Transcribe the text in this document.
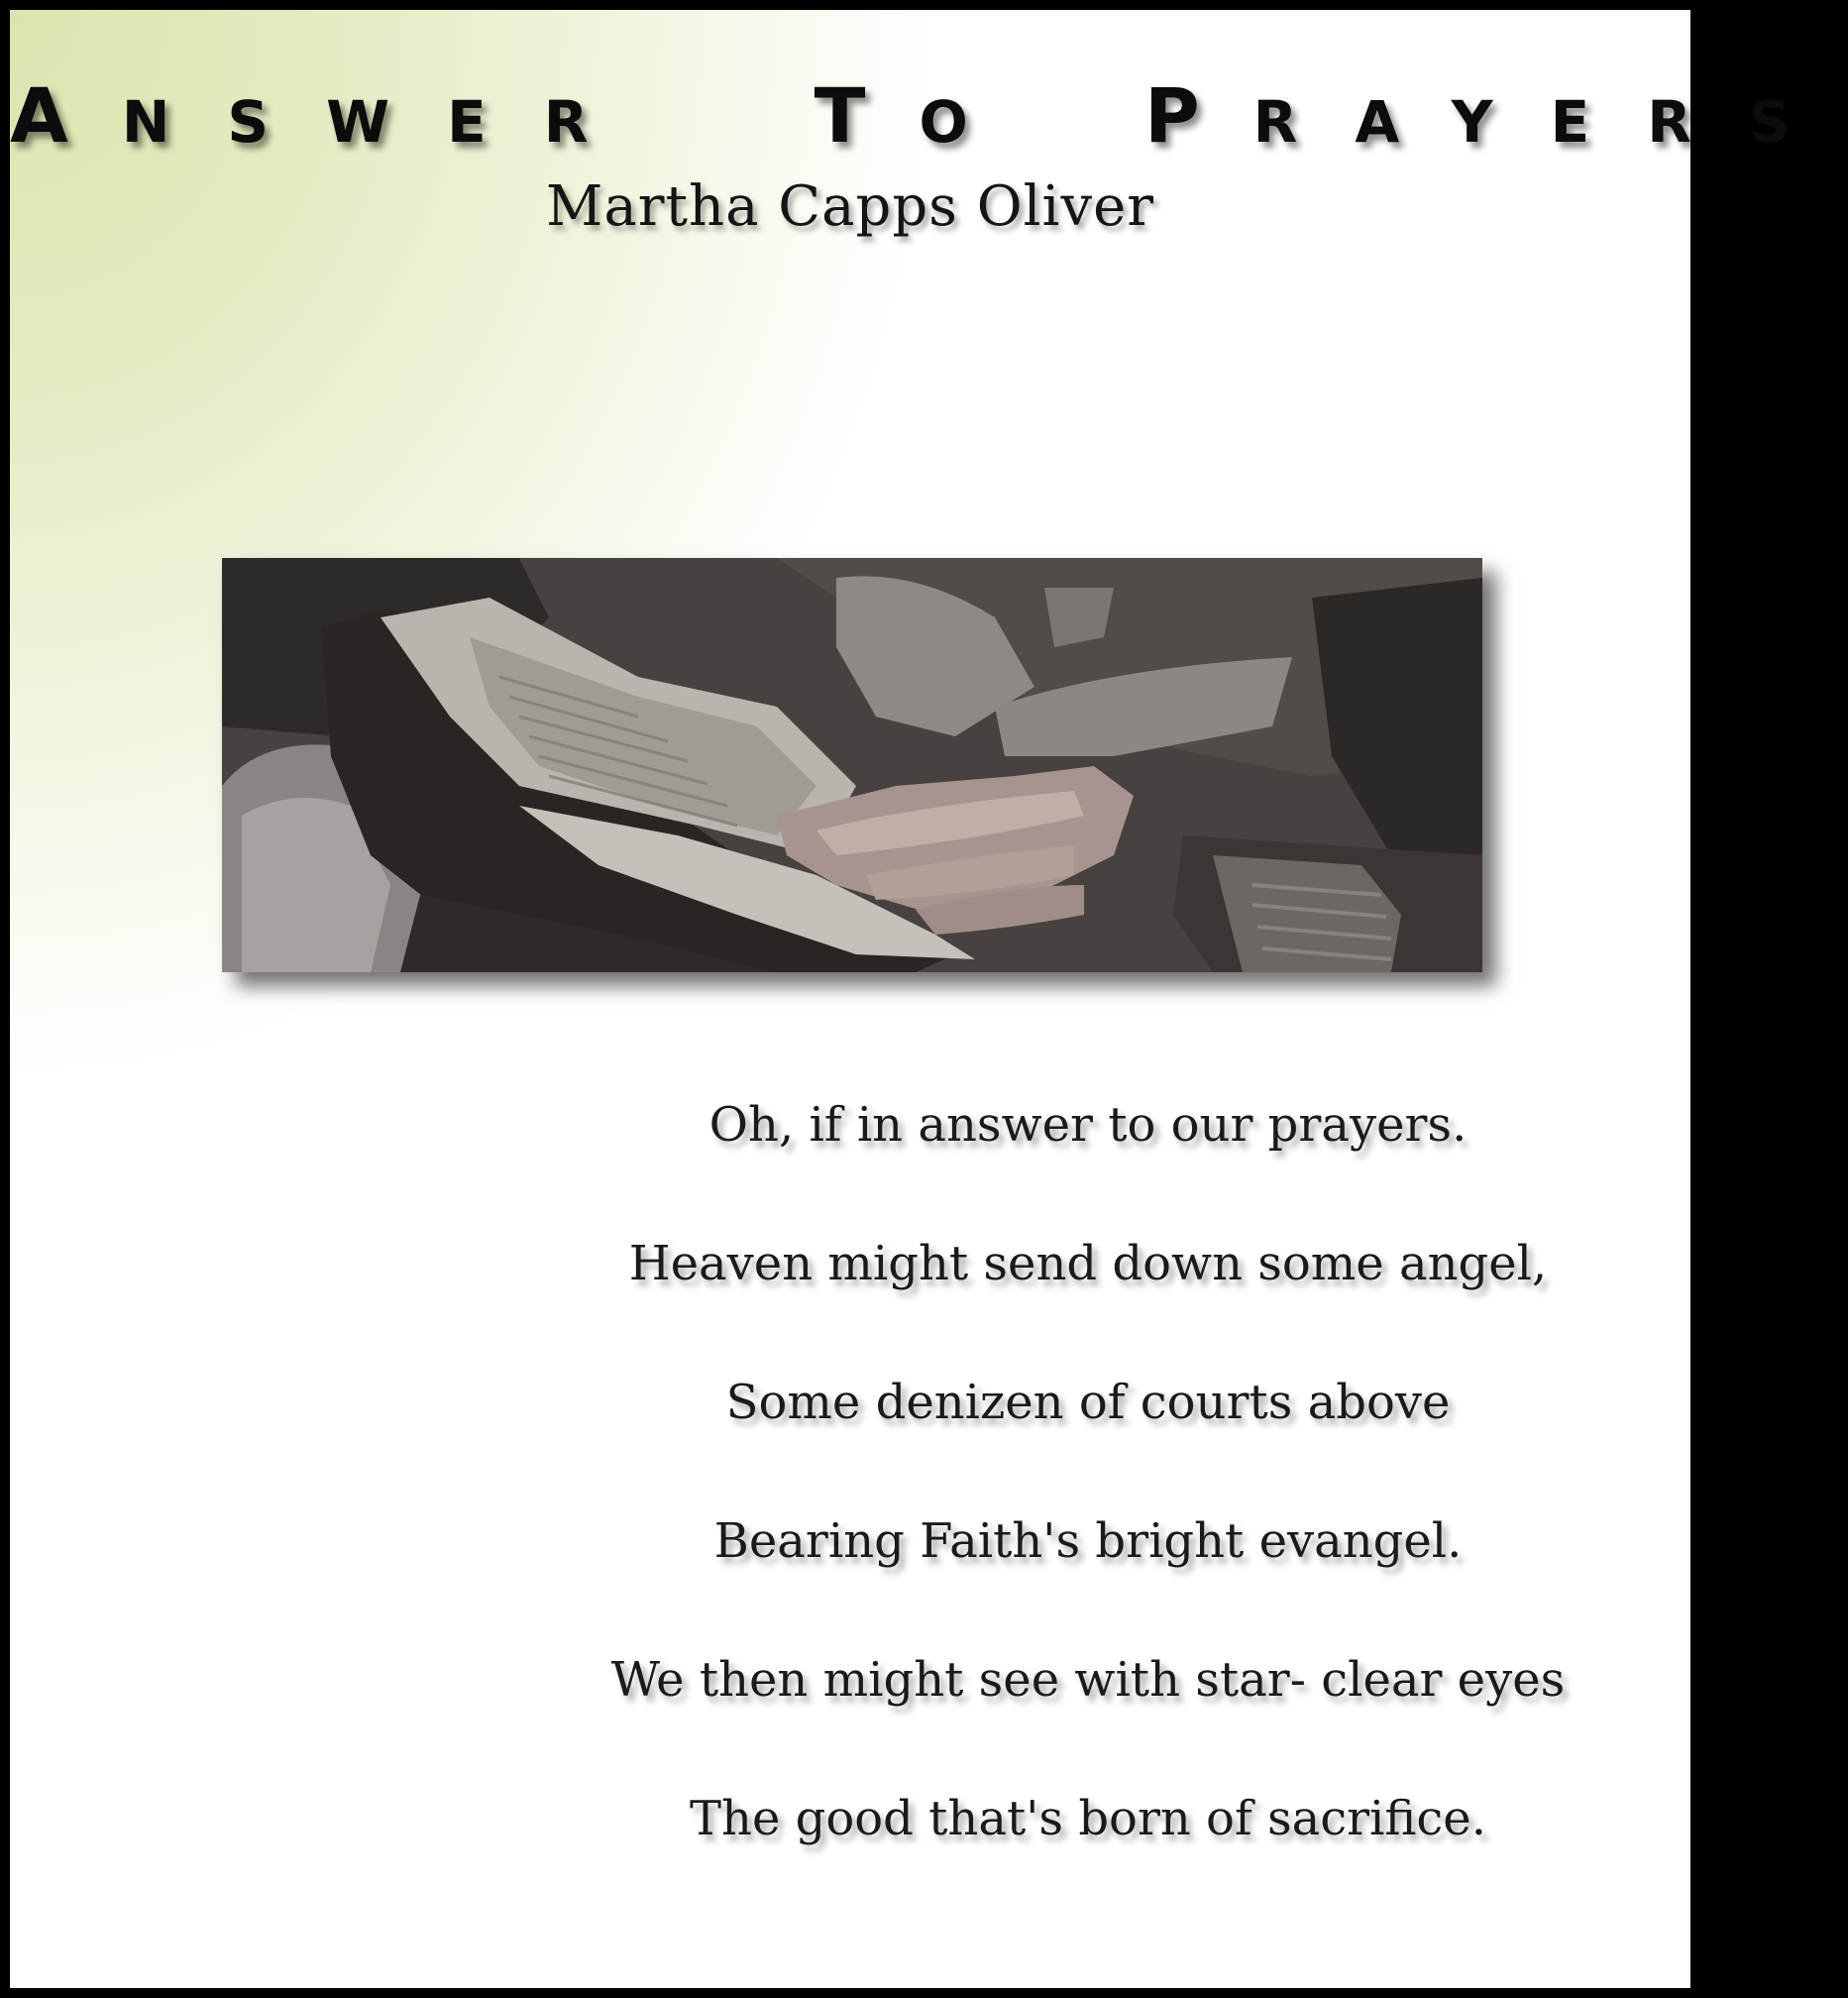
A NSWER T O P RAYERS
Martha Capps Oliver
Oh, if in answer to our prayers.
Heaven might send down some angel,
Some denizen of courts above
Bearing Faith's bright evangel.
We then might see with star- clear eyes
The good that's born of sacrifice.
